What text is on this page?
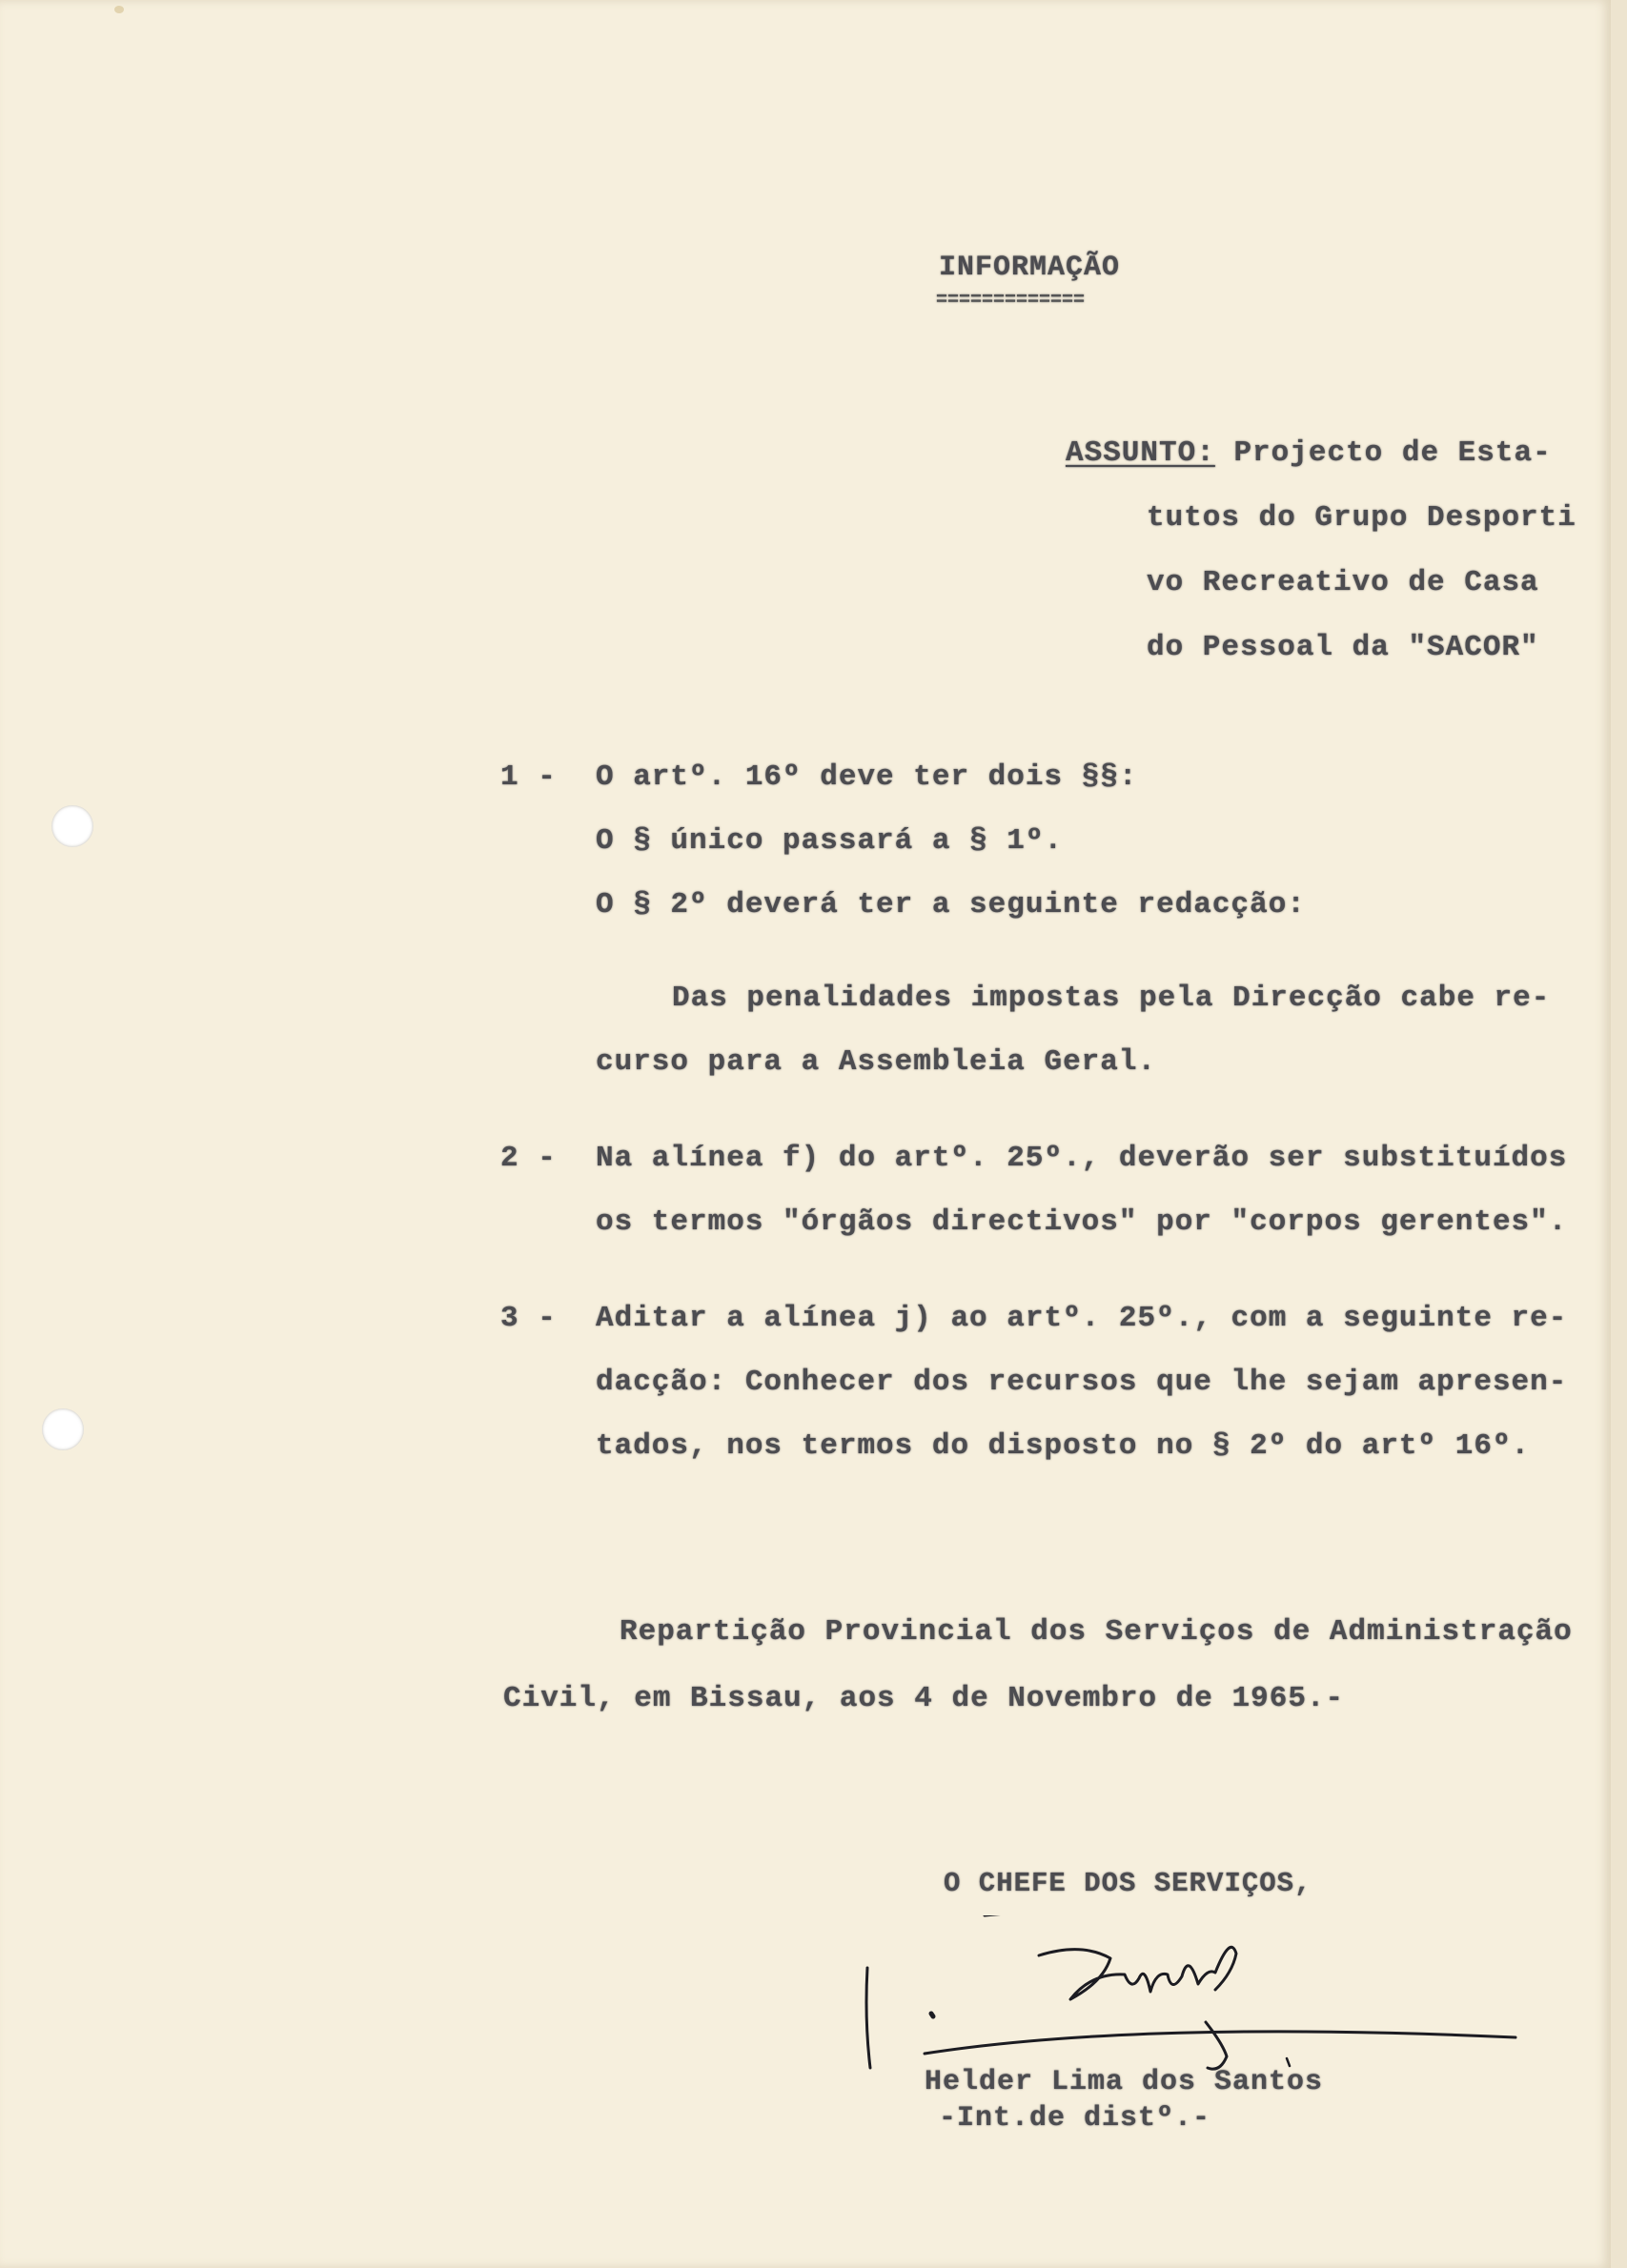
INFORMAÇÃO
=============
ASSUNTO: Projecto de Esta-
tutos do Grupo Desporti
vo Recreativo de Casa
do Pessoal da "SACOR"
1 - O artº. 16º deve ter dois §§:
O § único passará a § 1º.
O § 2º deverá ter a seguinte redacção:
Das penalidades impostas pela Direcção cabe re-
curso para a Assembleia Geral.
2 - Na alínea f) do artº. 25º., deverão ser substituídos
os termos "órgãos directivos" por "corpos gerentes".
3 - Aditar a alínea j) ao artº. 25º., com a seguinte re-
dacção: Conhecer dos recursos que lhe sejam apresen-
tados, nos termos do disposto no § 2º do artº 16º.
Repartição Provincial dos Serviços de Administração
Civil, em Bissau, aos 4 de Novembro de 1965.-
O CHEFE DOS SERVIÇOS,
Helder Lima dos Santos
-Int.de distº.-
